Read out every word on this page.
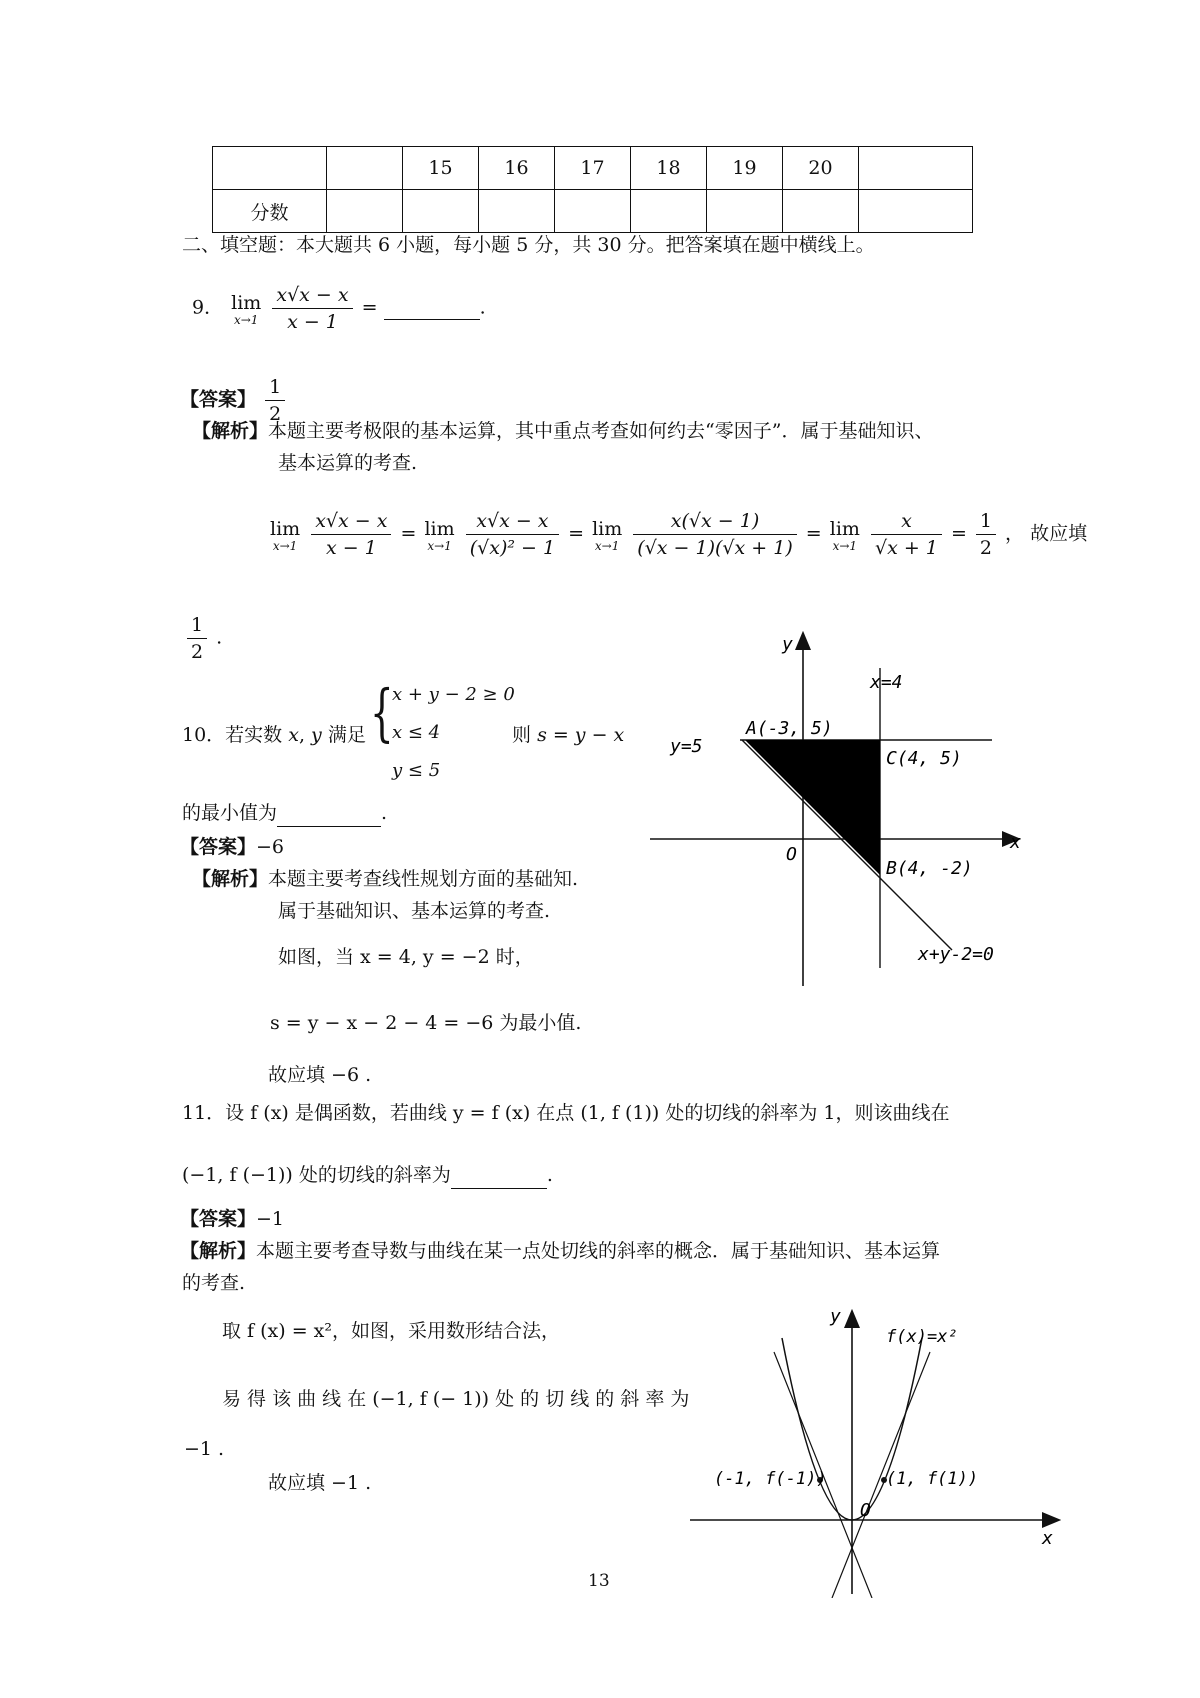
		15	16	17	18	19	20	
分数								
二、填空题：本大题共 6 小题，每小题 5 分，共 30 分。把答案填在题中横线上。
9． lim
x→1
$\frac{x√x - x}{x - 1}$ =	.
【答案】 $\frac{1}{2}$
【解析】本题主要考极限的基本运算，其中重点考查如何约去“零因子”．属于基础知识、
基本运算的考查.
lim
x→1
$\frac{x√x - x}{x - 1} = \lim$
x→1
$\frac{x√x - x}{\text{(√x)² − 1}} = \lim$
x→1
$\frac{x(√x - 1)}{(√x - 1)(√x + 1)} = \lim$
x→1
$\frac{x}{√x + 1} = \frac{1}{2}$ ， 故应填
$\frac{1}{2}$ .
10．若实数 x, y 满足 {
x + y − 2 ≥ 0
x ≤ 4
y ≤ 5
则 s = y − x
的最小值为	.
【答案】−6
【解析】本题主要考查线性规划方面的基础知.
属于基础知识、基本运算的考查.
如图，当 x = 4, y = −2 时，
s = y − x − 2 − 4 = −6 为最小值.
故应填 −6 .
y
x
O
x=4
y=5
A(-3, 5)
C(4, 5)
B(4, -2)
x+y-2=0
11．设 f (x) 是偶函数，若曲线 y = f (x) 在点 (1, f (1)) 处的切线的斜率为 1，则该曲线在
(−1, f (−1)) 处的切线的斜率为	.
【答案】−1
【解析】本题主要考查导数与曲线在某一点处切线的斜率的概念．属于基础知识、基本运算
的考查.
取 f (x) = x²，如图，采用数形结合法，
易 得 该 曲 线 在 (−1, f (− 1)) 处 的 切 线 的 斜 率 为
−1 .
故应填 −1 .
y
x
O
f(x)=x²
(-1, f(-1))	(1, f(1))
13
